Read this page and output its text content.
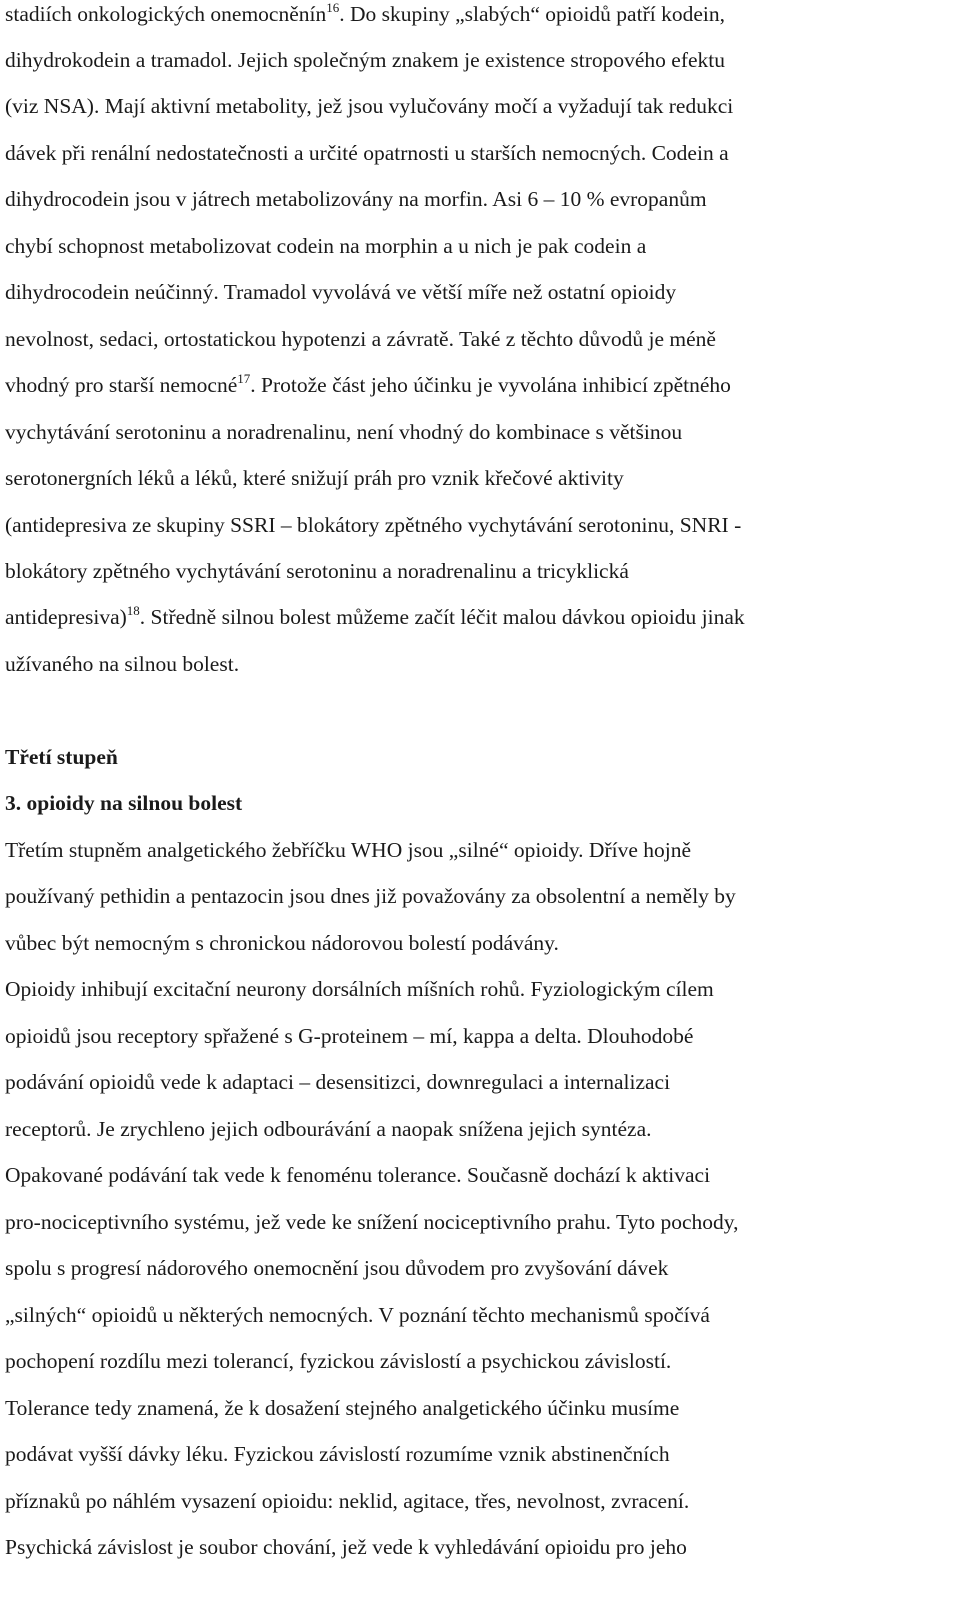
stadiích onkologických onemocněnín$^{16}$. Do skupiny „slabých“ opioidů patří kodein,
dihydrokodein a tramadol. Jejich společným znakem je existence stropového efektu
(viz NSA). Mají aktivní metabolity, jež jsou vylučovány močí a vyžadují tak redukci
dávek při renální nedostatečnosti a určité opatrnosti u starších nemocných. Codein a
dihydrocodein jsou v játrech metabolizovány na morfin. Asi 6 – 10 % evropanům
chybí schopnost metabolizovat codein na morphin a u nich je pak codein a
dihydrocodein neúčinný. Tramadol vyvolává ve větší míře než ostatní opioidy
nevolnost, sedaci, ortostatickou hypotenzi a závratě. Také z těchto důvodů je méně
vhodný pro starší nemocné$^{17}$. Protože část jeho účinku je vyvolána inhibicí zpětného
vychytávání serotoninu a noradrenalinu, není vhodný do kombinace s většinou
serotonergních léků a léků, které snižují práh pro vznik křečové aktivity
(antidepresiva ze skupiny SSRI – blokátory zpětného vychytávání serotoninu, SNRI -
blokátory zpětného vychytávání serotoninu a noradrenalinu a tricyklická
antidepresiva)$^{18}$. Středně silnou bolest můžeme začít léčit malou dávkou opioidu jinak
užívaného na silnou bolest.
Třetí stupeň
3. opioidy na silnou bolest
Třetím stupněm analgetického žebříčku WHO jsou „silné“ opioidy. Dříve hojně
používaný pethidin a pentazocin jsou dnes již považovány za obsolentní a neměly by
vůbec být nemocným s chronickou nádorovou bolestí podávány.
Opioidy inhibují excitační neurony dorsálních míšních rohů. Fyziologickým cílem
opioidů jsou receptory spřažené s G-proteinem – mí, kappa a delta. Dlouhodobé
podávání opioidů vede k adaptaci – desensitizci, downregulaci a internalizaci
receptorů. Je zrychleno jejich odbourávání a naopak snížena jejich syntéza.
Opakované podávání tak vede k fenoménu tolerance. Současně dochází k aktivaci
pro-nociceptivního systému, jež vede ke snížení nociceptivního prahu. Tyto pochody,
spolu s progresí nádorového onemocnění jsou důvodem pro zvyšování dávek
„silných“ opioidů u některých nemocných. V poznání těchto mechanismů spočívá
pochopení rozdílu mezi tolerancí, fyzickou závislostí a psychickou závislostí.
Tolerance tedy znamená, že k dosažení stejného analgetického účinku musíme
podávat vyšší dávky léku. Fyzickou závislostí rozumíme vznik abstinenčních
příznaků po náhlém vysazení opioidu: neklid, agitace, třes, nevolnost, zvracení.
Psychická závislost je soubor chování, jež vede k vyhledávání opioidu pro jeho
